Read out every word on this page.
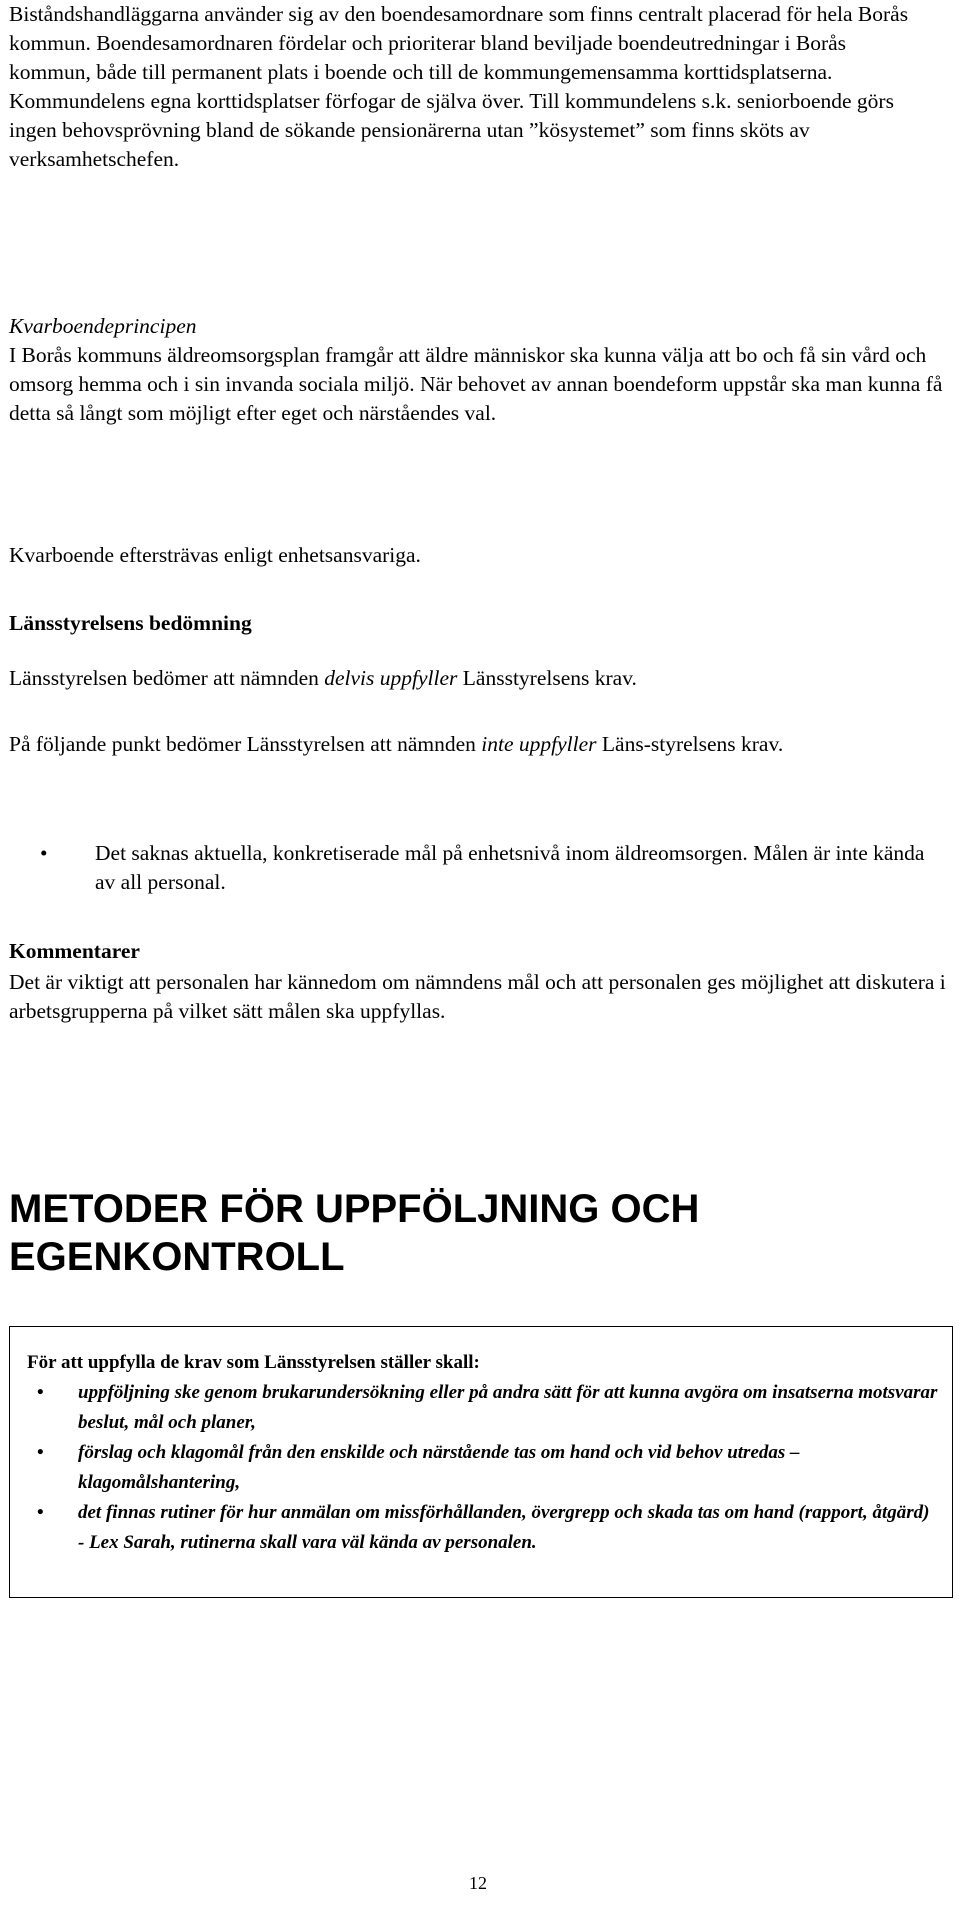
Biståndshandläggarna använder sig av den boendesamordnare som finns centralt placerad för hela Borås kommun. Boendesamordnaren fördelar och prioriterar bland beviljade boendeutredningar i Borås kommun, både till permanent plats i boende och till de kommungemensamma korttidsplatserna. Kommundelens egna korttidsplatser förfogar de själva över. Till kommundelens s.k. seniorboende görs ingen behovsprövning bland de sökande pensionärerna utan ”kösystemet” som finns sköts av verksamhetschefen.

Kvarboendeprincipen

I Borås kommuns äldreomsorgsplan framgår att äldre människor ska kunna välja att bo och få sin vård och omsorg hemma och i sin invanda sociala miljö. När behovet av annan boendeform uppstår ska man kunna få detta så långt som möjligt efter eget och närståendes val.

Kvarboende eftersträvas enligt enhetsansvariga.

Länsstyrelsens bedömning

Länsstyrelsen bedömer att nämnden delvis uppfyller Länsstyrelsens krav.

På följande punkt bedömer Länsstyrelsen att nämnden inte uppfyller Läns-styrelsens krav.

• Det saknas aktuella, konkretiserade mål på enhetsnivå inom äldreomsorgen. Målen är inte kända av all personal.

Kommentarer

Det är viktigt att personalen har kännedom om nämndens mål och att personalen ges möjlighet att diskutera i arbetsgrupperna på vilket sätt målen ska uppfyllas.

METODER FÖR UPPFÖLJNING OCH EGENKONTROLL

För att uppfylla de krav som Länsstyrelsen ställer skall:

• uppföljning ske genom brukarundersökning eller på andra sätt för att kunna avgöra om insatserna motsvarar beslut, mål och planer,
• förslag och klagomål från den enskilde och närstående tas om hand och vid behov utredas – klagomålshantering,
• det finnas rutiner för hur anmälan om missförhållanden, övergrepp och skada tas om hand (rapport, åtgärd) - Lex Sarah, rutinerna skall vara väl kända av personalen.
12
